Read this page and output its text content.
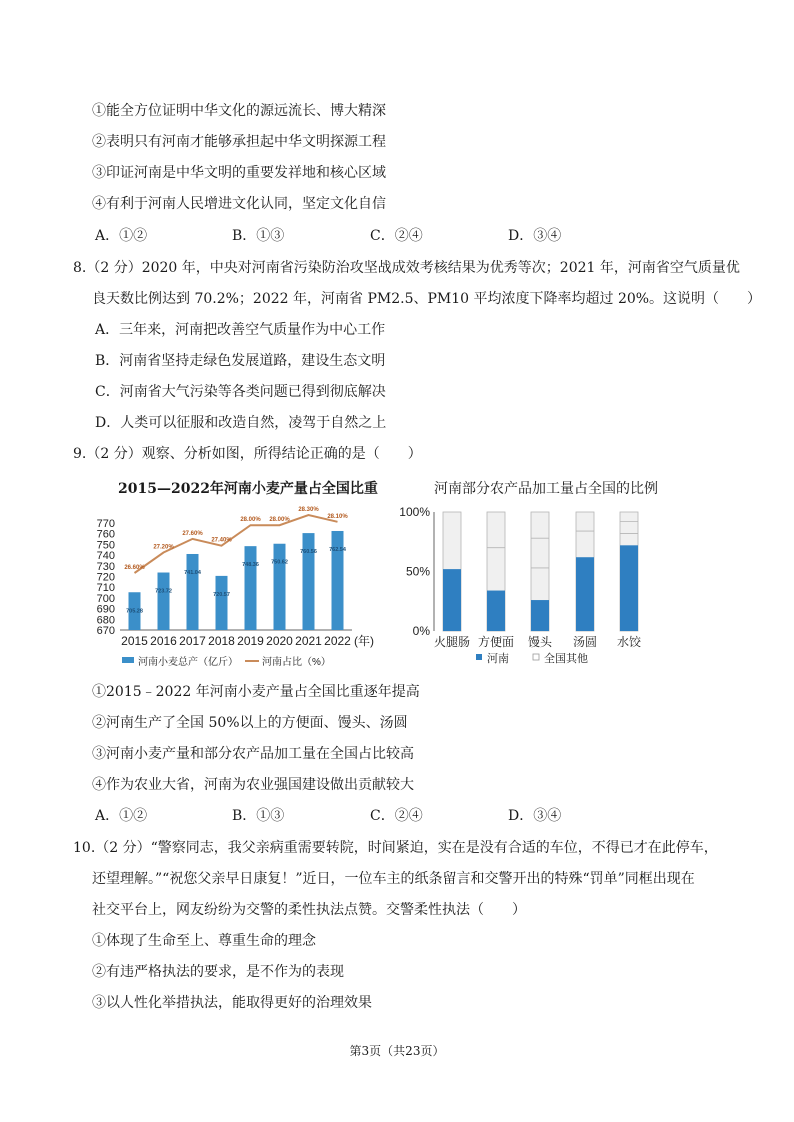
①能全方位证明中华文化的源远流长、博大精深
②表明只有河南才能够承担起中华文明探源工程
③印证河南是中华文明的重要发祥地和核心区域
④有利于河南人民增进文化认同，坚定文化自信
A．①②	B．①③	C．②④	D．③④
8.（2 分）2020 年，中央对河南省污染防治攻坚战成效考核结果为优秀等次；2021 年，河南省空气质量优
良天数比例达到 70.2%；2022 年，河南省 PM2.5、PM10 平均浓度下降率均超过 20%。这说明（　　）
A．三年来，河南把改善空气质量作为中心工作
B．河南省坚持走绿色发展道路，建设生态文明
C．河南省大气污染等各类问题已得到彻底解决
D．人类可以征服和改造自然，凌驾于自然之上
9.（2 分）观察、分析如图，所得结论正确的是（　　）
2015—2022年河南小麦产量占全国比重
670
680
690
700
710
720
730
740
750
760
770
705.28
2015
723.72
2016
741.04
2017
720.57
2018
748.36
2019
750.62
2020
760.56
2021
762.54
2022
26.60%
27.20%
27.60%
27.40%
28.00% 28.00%
28.30%
28.10%
(年)
河南小麦总产（亿斤） 河南占比（%）
河南部分农产品加工量占全国的比例
0%
50%
100%
火腿肠 方便面 馒头 汤圆 水饺
河南	全国其他
①2015﹣2022 年河南小麦产量占全国比重逐年提高
②河南生产了全国 50%以上的方便面、馒头、汤圆
③河南小麦产量和部分农产品加工量在全国占比较高
④作为农业大省，河南为农业强国建设做出贡献较大
A．①②	B．①③	C．②④	D．③④
10.（2 分）“警察同志，我父亲病重需要转院，时间紧迫，实在是没有合适的车位，不得已才在此停车，
还望理解。”“祝您父亲早日康复！”近日，一位车主的纸条留言和交警开出的特殊“罚单”同框出现在
社交平台上，网友纷纷为交警的柔性执法点赞。交警柔性执法（　　）
①体现了生命至上、尊重生命的理念
②有违严格执法的要求，是不作为的表现
③以人性化举措执法，能取得更好的治理效果
第3页（共23页）
